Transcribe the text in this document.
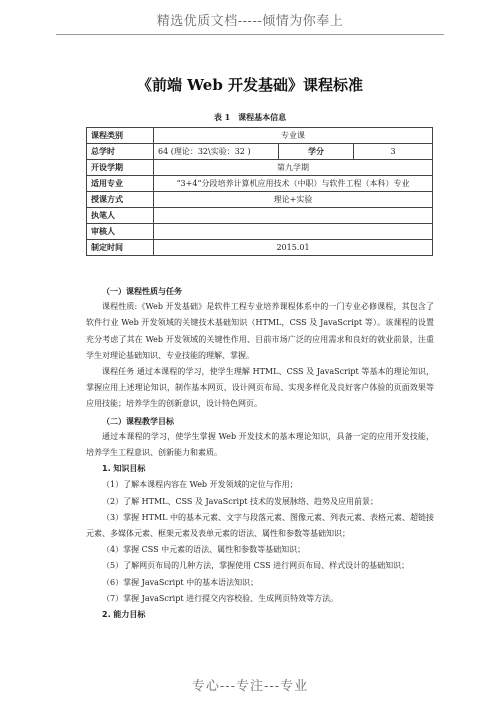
精选优质文档-----倾情为你奉上
《前端 Web 开发基础》课程标准
表 1　课程基本信息
课程类别	专业课		
总学时	64 (理论：32\实验：32 )	学分	3
开设学期	第九学期		
适用专业	“3+4”分段培养计算机应用技术（中职）与软件工程（本科）专业		
授课方式	理论+实验		
执笔人			
审核人			
制定时间	2015.01		

（一）课程性质与任务

课程性质:《Web 开发基础》是软件工程专业培养课程体系中的一门专业必修课程，其包含了软件行业 Web 开发领域的关键技术基础知识（HTML，CSS 及 JavaScript 等）。该课程的设置充分考虑了其在 Web 开发领域的关键性作用、目前市场广泛的应用需求和良好的就业前景，注重学生对理论基础知识、专业技能的理解、掌握。

课程任务 通过本课程的学习，使学生理解 HTML、CSS 及 JavaScript 等基本的理论知识，掌握应用上述理论知识，制作基本网页、设计网页布局、实现多样化及良好客户体验的页面效果等应用技能；培养学生的创新意识，设计特色网页。

（二）课程教学目标

通过本课程的学习，使学生掌握 Web 开发技术的基本理论知识，具备一定的应用开发技能，培养学生工程意识、创新能力和素质。

1. 知识目标

（1）了解本课程内容在 Web 开发领域的定位与作用；

（2）了解 HTML、CSS 及 JavaScript 技术的发展脉络、趋势及应用前景；

（3）掌握 HTML 中的基本元素、文字与段落元素、图像元素、列表元素、表格元素、超链接元素、多媒体元素、框架元素及表单元素的语法、属性和参数等基础知识；

（4）掌握 CSS 中元素的语法、属性和参数等基础知识；

（5）了解网页布局的几种方法，掌握使用 CSS 进行网页布局、样式设计的基础知识；

（6）掌握 JavaScript 中的基本语法知识；

（7）掌握 JavaScript 进行提交内容校验、生成网页特效等方法。

2. 能力目标

专心---专注---专业
